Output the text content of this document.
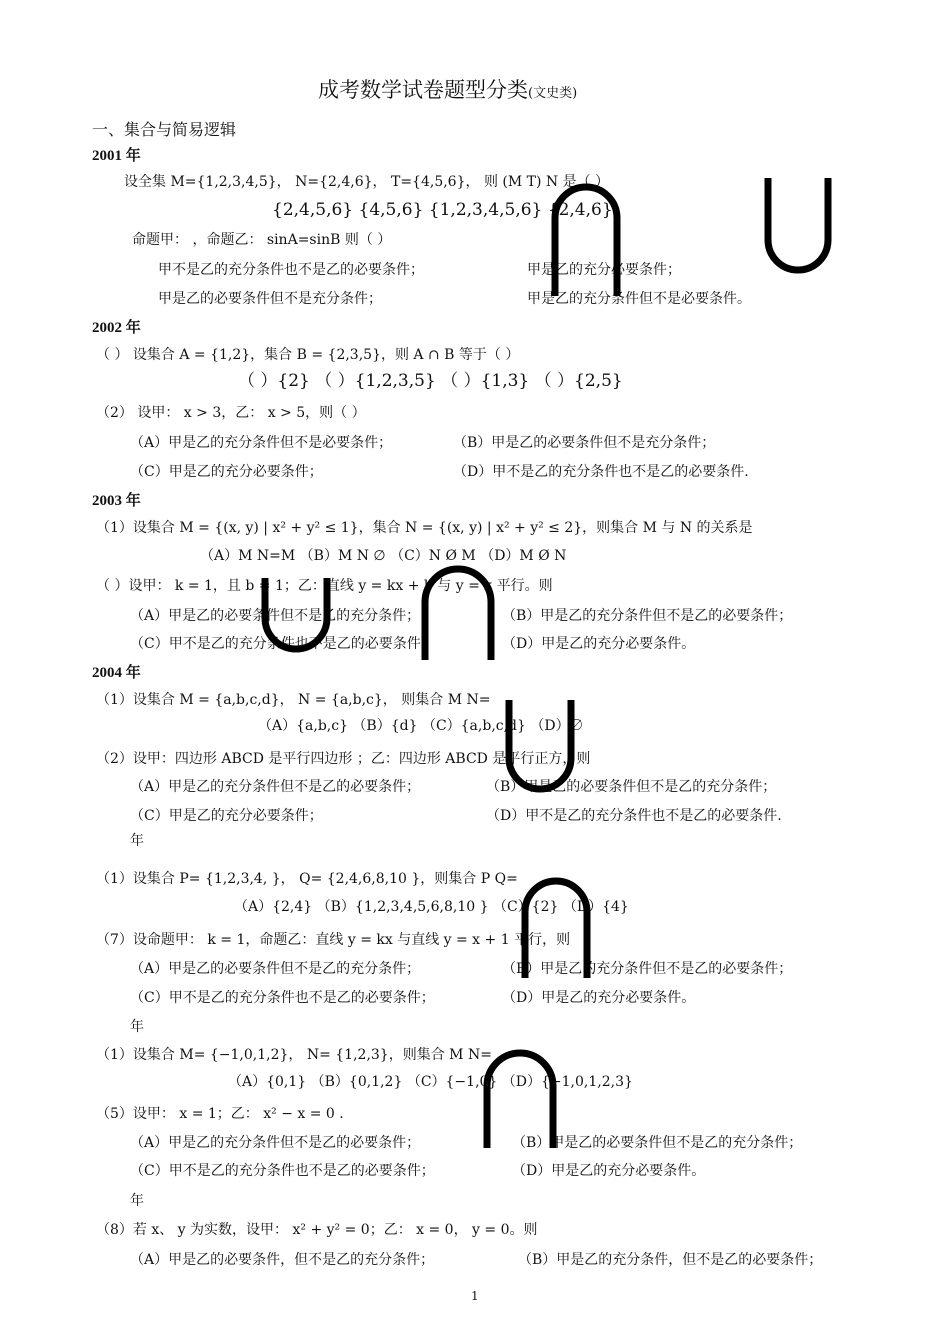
成考数学试卷题型分类(文史类)
一、集合与简易逻辑
2001 年
设全集 M={1,2,3,4,5}， N={2,4,6}， T={4,5,6}， 则 (M T) N 是（ ）
{2,4,5,6} {4,5,6} {1,2,3,4,5,6} {2,4,6}
命题甲： ，命题乙： sinA=sinB 则（ ）
甲不是乙的充分条件也不是乙的必要条件；	甲是乙的充分必要条件；
甲是乙的必要条件但不是充分条件；	甲是乙的充分条件但不是必要条件。
2002 年
（ ） 设集合 A = {1,2}，集合 B = {2,3,5}，则 A ∩ B 等于（ ）
（ ）{2} （ ）{1,2,3,5} （ ）{1,3} （ ）{2,5}
（2） 设甲： x > 3，乙： x > 5，则（ ）
（A）甲是乙的充分条件但不是必要条件；	（B）甲是乙的必要条件但不是充分条件；
（C）甲是乙的充分必要条件；	（D）甲不是乙的充分条件也不是乙的必要条件.
2003 年
（1）设集合 M = {(x, y) | x² + y² ≤ 1}，集合 N = {(x, y) | x² + y² ≤ 2}，则集合 M 与 N 的关系是
（A）M N=M （B）M N ∅ （C）N Ø M （D）M Ø N
（ ）设甲： k = 1，且 b = 1；乙：直线 y = kx + b 与 y = x 平行。则
（A）甲是乙的必要条件但不是乙的充分条件；	（B）甲是乙的充分条件但不是乙的必要条件；
（C）甲不是乙的充分条件也不是乙的必要条件；	（D）甲是乙的充分必要条件。
2004 年
（1）设集合 M = {a,b,c,d}， N = {a,b,c}， 则集合 M N=
（A）{a,b,c} （B）{d} （C）{a,b,c,d} （D）∅
（2）设甲：四边形 ABCD 是平行四边形 ；乙：四边形 ABCD 是平行正方，则
（A）甲是乙的充分条件但不是乙的必要条件；	（B）甲是乙的必要条件但不是乙的充分条件；
（C）甲是乙的充分必要条件；	（D）甲不是乙的充分条件也不是乙的必要条件.
年
（1）设集合 P= {1,2,3,4, }， Q= {2,4,6,8,10 }，则集合 P Q=
（A）{2,4} （B）{1,2,3,4,5,6,8,10 } （C）{2} （D）{4}
（7）设命题甲： k = 1，命题乙：直线 y = kx 与直线 y = x + 1 平行，则
（A）甲是乙的必要条件但不是乙的充分条件；	（B）甲是乙的充分条件但不是乙的必要条件；
（C）甲不是乙的充分条件也不是乙的必要条件；	（D）甲是乙的充分必要条件。
年
（1）设集合 M= {−1,0,1,2}， N= {1,2,3}，则集合 M N=
（A）{0,1} （B）{0,1,2} （C）{−1,0} （D）{−1,0,1,2,3}
（5）设甲： x = 1；乙： x² − x = 0 .
（A）甲是乙的充分条件但不是乙的必要条件；	（B）甲是乙的必要条件但不是乙的充分条件；
（C）甲不是乙的充分条件也不是乙的必要条件；	（D）甲是乙的充分必要条件。
年
（8）若 x、 y 为实数，设甲： x² + y² = 0；乙： x = 0， y = 0。则
（A）甲是乙的必要条件，但不是乙的充分条件；	（B）甲是乙的充分条件，但不是乙的必要条件；
1
